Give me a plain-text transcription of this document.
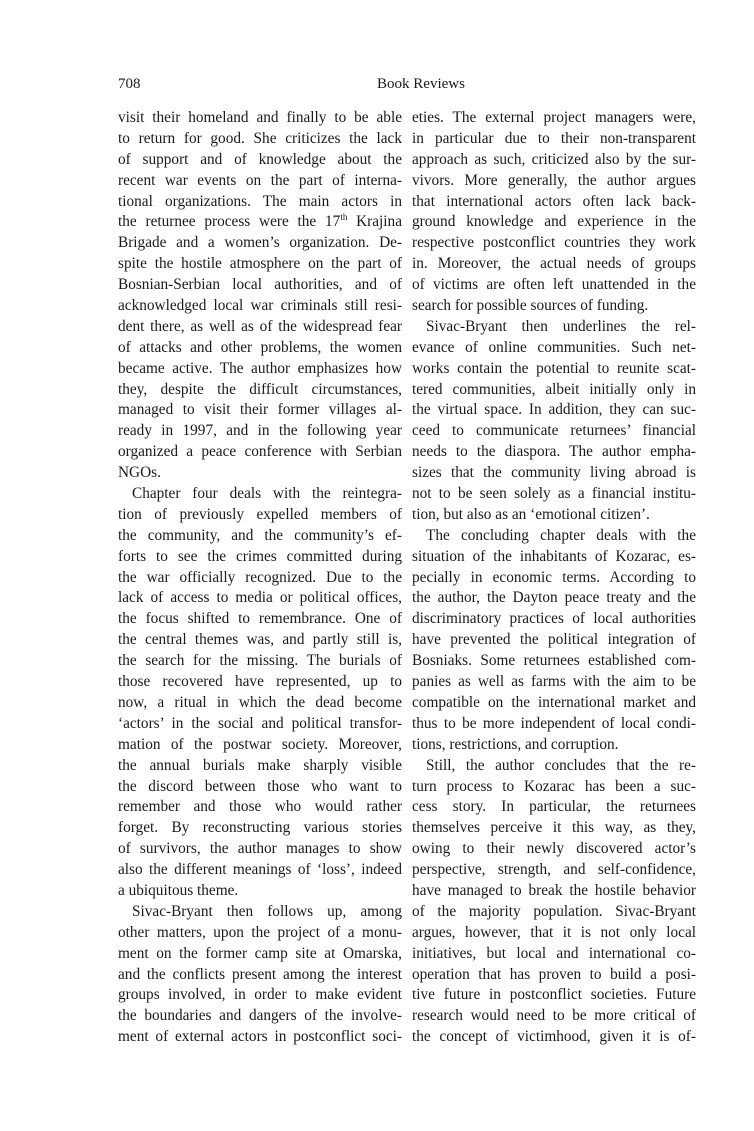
708	Book Reviews
visit their homeland and finally to be able
to return for good. She criticizes the lack
of support and of knowledge about the
recent war events on the part of interna-
tional organizations. The main actors in
the returnee process were the 17th Krajina
Brigade and a women’s organization. De-
spite the hostile atmosphere on the part of
Bosnian-Serbian local authorities, and of
acknowledged local war criminals still resi-
dent there, as well as of the widespread fear
of attacks and other problems, the women
became active. The author emphasizes how
they, despite the difficult circumstances,
managed to visit their former villages al-
ready in 1997, and in the following year
organized a peace conference with Serbian
NGOs.
Chapter four deals with the reintegra-
tion of previously expelled members of
the community, and the community’s ef-
forts to see the crimes committed during
the war officially recognized. Due to the
lack of access to media or political offices,
the focus shifted to remembrance. One of
the central themes was, and partly still is,
the search for the missing. The burials of
those recovered have represented, up to
now, a ritual in which the dead become
‘actors’ in the social and political transfor-
mation of the postwar society. Moreover,
the annual burials make sharply visible
the discord between those who want to
remember and those who would rather
forget. By reconstructing various stories
of survivors, the author manages to show
also the different meanings of ‘loss’, indeed
a ubiquitous theme.
Sivac-Bryant then follows up, among
other matters, upon the project of a monu-
ment on the former camp site at Omarska,
and the conflicts present among the interest
groups involved, in order to make evident
the boundaries and dangers of the involve-
ment of external actors in postconflict soci-
eties. The external project managers were,
in particular due to their non-transparent
approach as such, criticized also by the sur-
vivors. More generally, the author argues
that international actors often lack back-
ground knowledge and experience in the
respective postconflict countries they work
in. Moreover, the actual needs of groups
of victims are often left unattended in the
search for possible sources of funding.
Sivac-Bryant then underlines the rel-
evance of online communities. Such net-
works contain the potential to reunite scat-
tered communities, albeit initially only in
the virtual space. In addition, they can suc-
ceed to communicate returnees’ financial
needs to the diaspora. The author empha-
sizes that the community living abroad is
not to be seen solely as a financial institu-
tion, but also as an ‘emotional citizen’.
The concluding chapter deals with the
situation of the inhabitants of Kozarac, es-
pecially in economic terms. According to
the author, the Dayton peace treaty and the
discriminatory practices of local authorities
have prevented the political integration of
Bosniaks. Some returnees established com-
panies as well as farms with the aim to be
compatible on the international market and
thus to be more independent of local condi-
tions, restrictions, and corruption.
Still, the author concludes that the re-
turn process to Kozarac has been a suc-
cess story. In particular, the returnees
themselves perceive it this way, as they,
owing to their newly discovered actor’s
perspective, strength, and self-confidence,
have managed to break the hostile behavior
of the majority population. Sivac-Bryant
argues, however, that it is not only local
initiatives, but local and international co-
operation that has proven to build a posi-
tive future in postconflict societies. Future
research would need to be more critical of
the concept of victimhood, given it is of-
